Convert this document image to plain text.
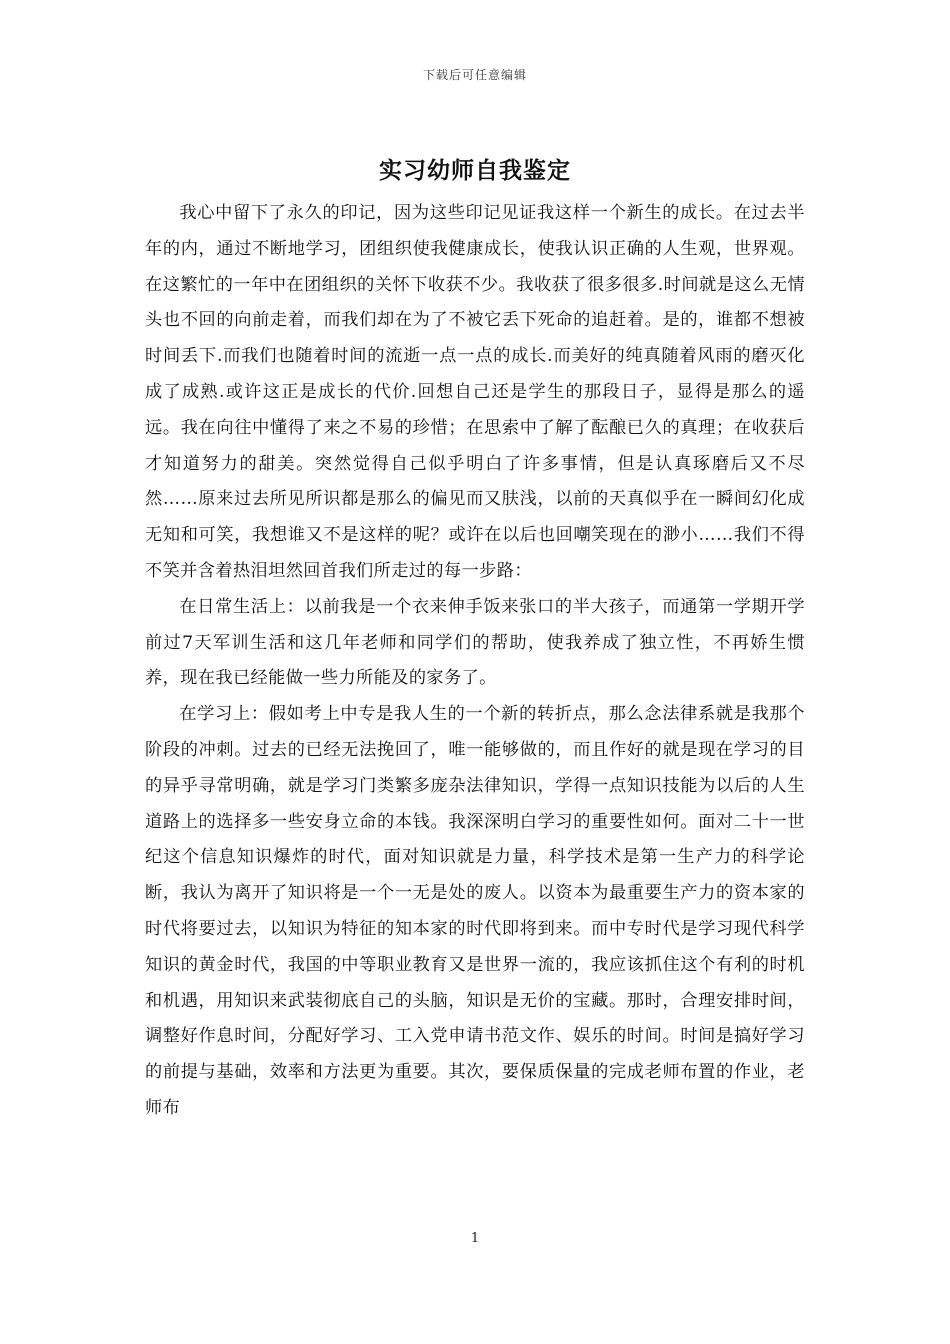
下载后可任意编辑
实习幼师自我鉴定

我心中留下了永久的印记，因为这些印记见证我这样一个新生的成长。在过去半年的内，通过不断地学习，团组织使我健康成长，使我认识正确的人生观，世界观。在这繁忙的一年中在团组织的关怀下收获不少。我收获了很多很多.时间就是这么无情头也不回的向前走着，而我们却在为了不被它丢下死命的追赶着。是的，谁都不想被时间丢下.而我们也随着时间的流逝一点一点的成长.而美好的纯真随着风雨的磨灭化成了成熟.或许这正是成长的代价.回想自己还是学生的那段日子，显得是那么的遥远。我在向往中懂得了来之不易的珍惜；在思索中了解了酝酿已久的真理；在收获后才知道努力的甜美。突然觉得自己似乎明白了许多事情，但是认真琢磨后又不尽然……原来过去所见所识都是那么的偏见而又肤浅，以前的天真似乎在一瞬间幻化成无知和可笑，我想谁又不是这样的呢？或许在以后也回嘲笑现在的渺小……我们不得不笑并含着热泪坦然回首我们所走过的每一步路：

在日常生活上：以前我是一个衣来伸手饭来张口的半大孩子，而通第一学期开学前过7天军训生活和这几年老师和同学们的帮助，使我养成了独立性，不再娇生惯养，现在我已经能做一些力所能及的家务了。

在学习上：假如考上中专是我人生的一个新的转折点，那么念法律系就是我那个阶段的冲刺。过去的已经无法挽回了，唯一能够做的，而且作好的就是现在学习的目的异乎寻常明确，就是学习门类繁多庞杂法律知识，学得一点知识技能为以后的人生道路上的选择多一些安身立命的本钱。我深深明白学习的重要性如何。面对二十一世纪这个信息知识爆炸的时代，面对知识就是力量，科学技术是第一生产力的科学论断，我认为离开了知识将是一个一无是处的废人。以资本为最重要生产力的资本家的时代将要过去，以知识为特征的知本家的时代即将到来。而中专时代是学习现代科学知识的黄金时代，我国的中等职业教育又是世界一流的，我应该抓住这个有利的时机和机遇，用知识来武装彻底自己的头脑，知识是无价的宝藏。那时，合理安排时间，调整好作息时间，分配好学习、工入党申请书范文作、娱乐的时间。时间是搞好学习的前提与基础，效率和方法更为重要。其次，要保质保量的完成老师布置的作业，老师布

1
